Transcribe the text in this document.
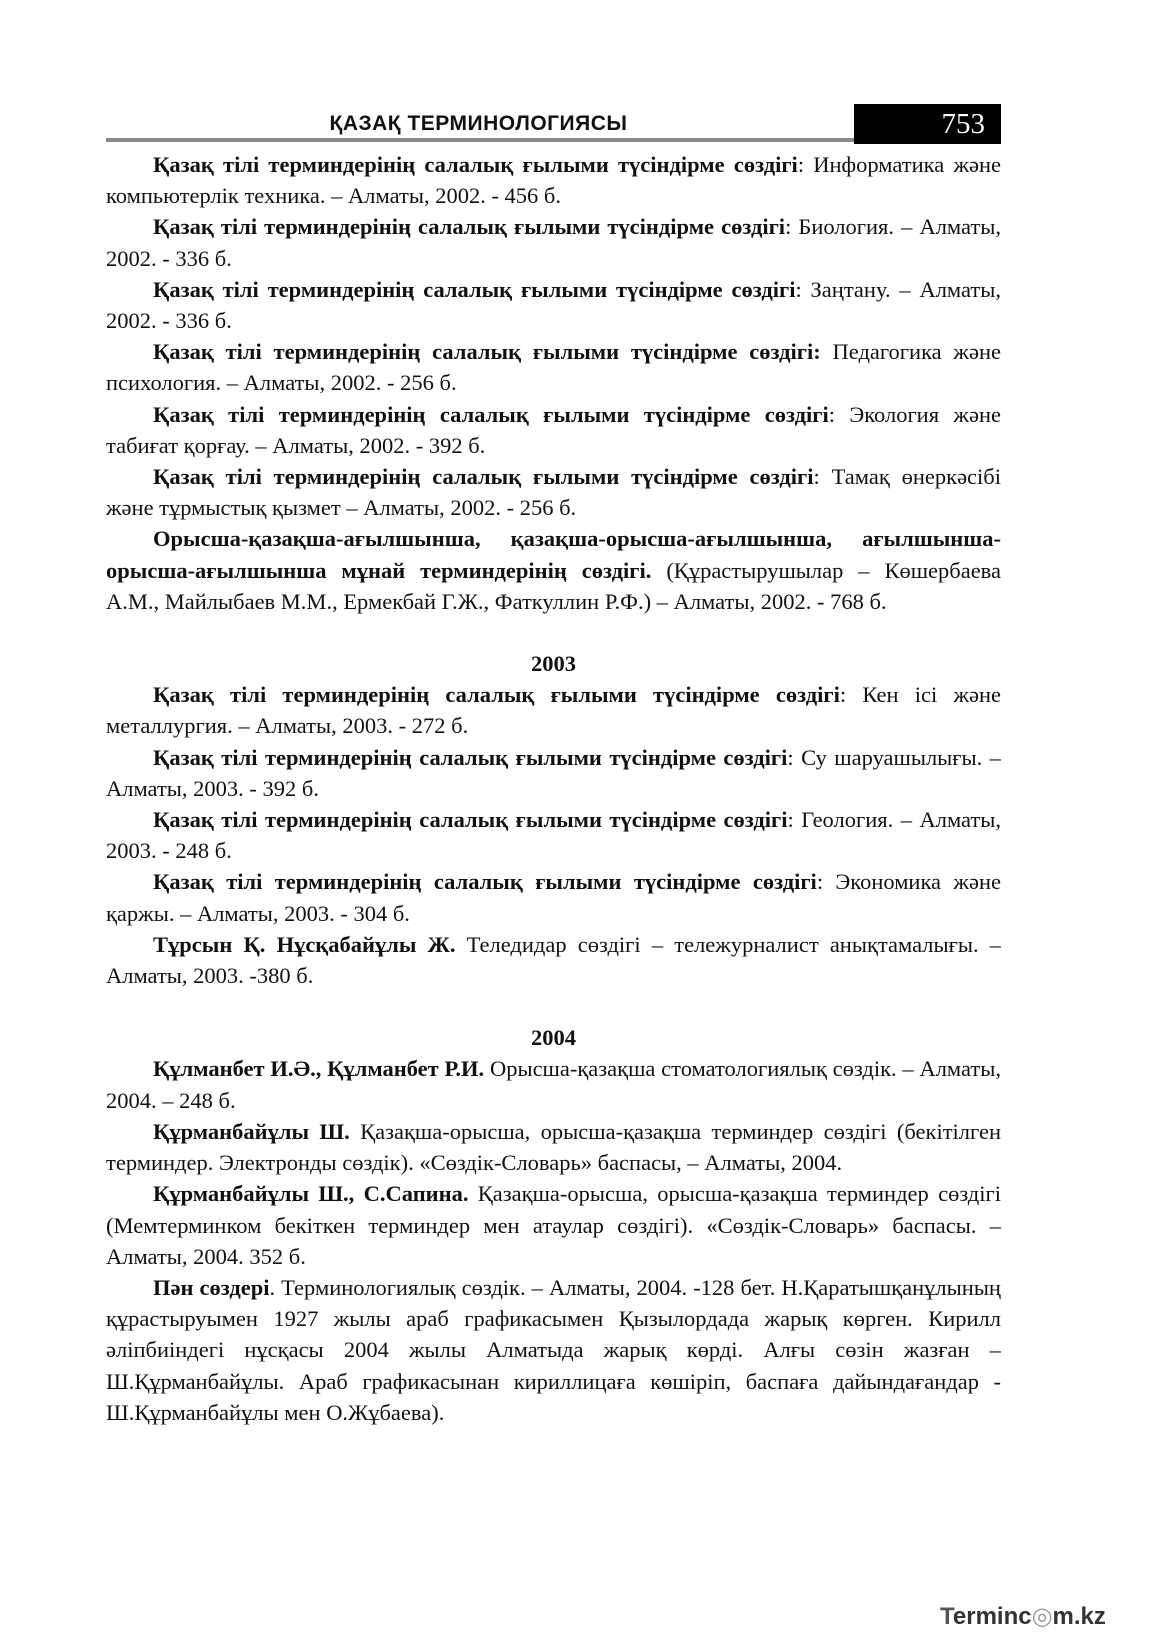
ҚАЗАҚ ТЕРМИНОЛОГИЯСЫ	753

Қазақ тілі терминдерінің салалық ғылыми түсіндірме сөздігі: Информатика және компьютерлік техника. – Алматы, 2002. - 456 б.

Қазақ тілі терминдерінің салалық ғылыми түсіндірме сөздігі: Биология. – Алматы, 2002. - 336 б.

Қазақ тілі терминдерінің салалық ғылыми түсіндірме сөздігі: Заңтану. – Алматы, 2002. - 336 б.

Қазақ тілі терминдерінің салалық ғылыми түсіндірме сөздігі: Педагогика және психология. – Алматы, 2002. - 256 б.

Қазақ тілі терминдерінің салалық ғылыми түсіндірме сөздігі: Экология және табиғат қорғау. – Алматы, 2002. - 392 б.

Қазақ тілі терминдерінің салалық ғылыми түсіндірме сөздігі: Тамақ өнеркәсібі және тұрмыстық қызмет – Алматы, 2002. - 256 б.

Орысша-қазақша-ағылшынша, қазақша-орысша-ағылшынша, ағылшынша- орысша-ағылшынша мұнай терминдерінің сөздігі. (Құрастырушылар – Көшербаева А.М., Майлыбаев М.М., Ермекбай Г.Ж., Фаткуллин Р.Ф.) – Алматы, 2002. - 768 б.

2003

Қазақ тілі терминдерінің салалық ғылыми түсіндірме сөздігі: Кен ісі және металлургия. – Алматы, 2003. - 272 б.

Қазақ тілі терминдерінің салалық ғылыми түсіндірме сөздігі: Су шаруашылығы. – Алматы, 2003. - 392 б.

Қазақ тілі терминдерінің салалық ғылыми түсіндірме сөздігі: Геология. – Алматы, 2003. - 248 б.

Қазақ тілі терминдерінің салалық ғылыми түсіндірме сөздігі: Экономика және қаржы. – Алматы, 2003. - 304 б.

Тұрсын Қ. Нұсқабайұлы Ж. Теледидар сөздігі – тележурналист анықтамалығы. – Алматы, 2003. -380 б.

2004

Құлманбет И.Ә., Құлманбет Р.И. Орысша-қазақша стоматологиялық сөздік. – Алматы, 2004. – 248 б.

Құрманбайұлы Ш. Қазақша-орысша, орысша-қазақша терминдер сөздігі (бекітілген терминдер. Электронды сөздік). «Сөздік-Словарь» баспасы, – Алматы, 2004.

Құрманбайұлы Ш., С.Сапина. Қазақша-орысша, орысша-қазақша терминдер сөздігі (Мемтерминком бекіткен терминдер мен атаулар сөздігі). «Сөздік-Словарь» баспасы. – Алматы, 2004. 352 б.

Пән сөздері. Терминологиялық сөздік. – Алматы, 2004. -128 бет. Н.Қаратышқанұлының құрастыруымен 1927 жылы араб графикасымен Қызылордада жарық көрген. Кирилл әліпбиіндегі нұсқасы 2004 жылы Алматыда жарық көрді. Алғы сөзін жазған – Ш.Құрманбайұлы. Араб графикасынан кириллицаға көшіріп, баспаға дайындағандар - Ш.Құрманбайұлы мен О.Жұбаева).

Terminc◎m.kz
